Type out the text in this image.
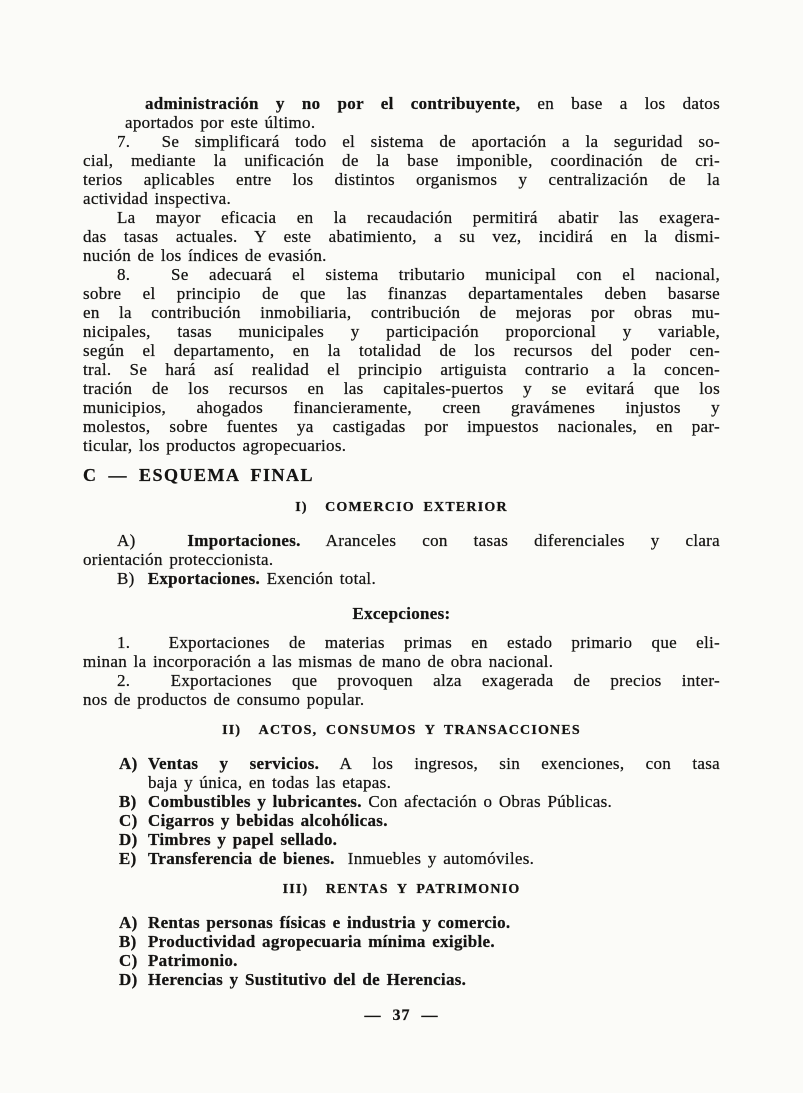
administración y no por el contribuyente, en base a los datos
aportados por este último.
7.  Se simplificará todo el sistema de aportación a la seguridad so-
cial, mediante la unificación de la base imponible, coordinación de cri-
terios aplicables entre los distintos organismos y centralización de la
actividad inspectiva.
La mayor eficacia en la recaudación permitirá abatir las exagera-
das tasas actuales. Y este abatimiento, a su vez, incidirá en la dismi-
nución de los índices de evasión.
8.  Se adecuará el sistema tributario municipal con el nacional,
sobre el principio de que las finanzas departamentales deben basarse
en la contribución inmobiliaria, contribución de mejoras por obras mu-
nicipales, tasas municipales y participación proporcional y variable,
según el departamento, en la totalidad de los recursos del poder cen-
tral. Se hará así realidad el principio artiguista contrario a la concen-
tración de los recursos en las capitales-puertos y se evitará que los
municipios, ahogados financieramente, creen gravámenes injustos y
molestos, sobre fuentes ya castigadas por impuestos nacionales, en par-
ticular, los productos agropecuarios.
C — ESQUEMA FINAL
I)  COMERCIO EXTERIOR
A)  Importaciones. Aranceles con tasas diferenciales y clara
orientación proteccionista.
B)  Exportaciones. Exención total.
Excepciones:
1.  Exportaciones de materias primas en estado primario que eli-
minan la incorporación a las mismas de mano de obra nacional.
2.  Exportaciones que provoquen alza exagerada de precios inter-
nos de productos de consumo popular.
II)  ACTOS, CONSUMOS Y TRANSACCIONES
A) Ventas y servicios. A los ingresos, sin exenciones, con tasa
baja y única, en todas las etapas.
B) Combustibles y lubricantes. Con afectación o Obras Públicas.
C) Cigarros y bebidas alcohólicas.
D) Timbres y papel sellado.
E) Transferencia de bienes.  Inmuebles y automóviles.
III)  RENTAS Y PATRIMONIO
A) Rentas personas físicas e industria y comercio.
B) Productividad agropecuaria mínima exigible.
C) Patrimonio.
D) Herencias y Sustitutivo del de Herencias.
— 37 —
